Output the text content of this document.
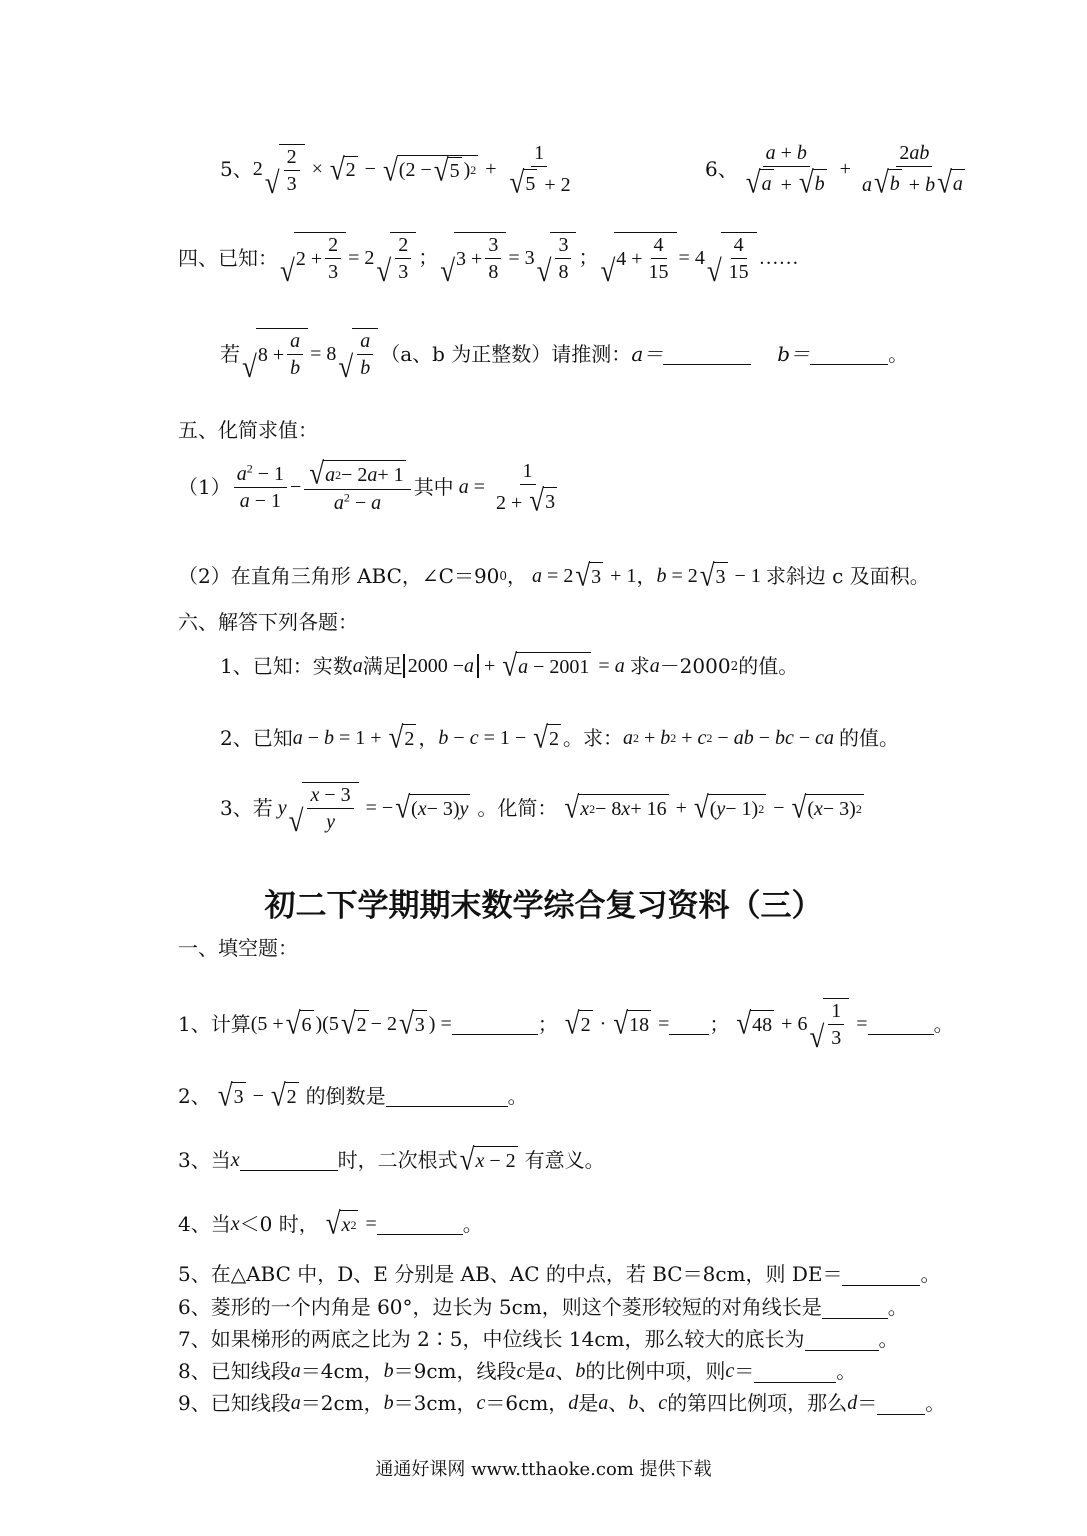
5、 2 √ $\frac{2}{3}$ × √ 2 − √ (2 − √ 5 ) $2 + \frac{1}{√ 5 + 2}$	6、 $\frac{a + b}{√ a + √ b} + \frac{2ab}{a √ b + b √ a}$
四、已知： √ $2 + \frac{2}{3} = 2$ √ $\frac{2}{3}$ ； √ $3 + \frac{3}{8} = 3$ √ $\frac{3}{8}$ ； √ $4 + \frac{4}{15} = 4$ √ $\frac{4}{15}$ ……
若 √ $8 + \frac{a}{b} = 8$ √ $\frac{a}{b} (a$、b 为正整数）请推测： a＝	b＝	。
五、化简求值：
$(1) \frac{a^2 - 1}{a - 1} - \frac{√ a 2 - 2 a + 1}{a^2 - a}$ 其中
$a = \frac{1}{2 + √ 3}$
（2）在直角三角形 ABC，∠C＝90 0 ，
a = 2 √ 3 + 1 ， b = 2 √ 3 − 1 求斜边 c 及面积。
六、解答下列各题：
1、已知：实数 a 满足 2000 − a + √ a − 2001 = a
求 a －2000 2 的值。
2、已知 a − b = 1 + √ 2 ， b − c = 1 − √ 2 。求： a 2 + b 2 + c 2 − ab − bc − ca
的值。
3、若
y √ $\frac{x - 3}{y}$ = − √ ( x − 3) y
。化简：
√ x 2 − 8 x + 16 + √ ( y − 1) 2 − √ ( x − 3) 2
初二下学期期末数学综合复习资料（三）
一、填空题：
1、计算 (5 + √ 6 )(5 √ 2 − 2 √ 3 ) =	；
√ 2 · √ 18 = ；
√ 48 + 6 √ $\frac{1}{3}$ =	。
2、
√ 3 − √ 2
的倒数是	。
3、当 x	时，二次根式 √ x − 2
有意义。
4、当 x ＜0 时，
√ x 2 =	。
5、在△ABC 中，D、E 分别是 AB、AC 的中点，若 BC＝8cm，则 DE＝	。
6、菱形的一个内角是 60°，边长为 5cm，则这个菱形较短的对角线长是	。
7、如果梯形的两底之比为 2∶5，中位线长 14cm，那么较大的底长为	。
8、已知线段 a ＝4cm， b ＝9cm，线段 c 是 a 、 b 的比例中项，则 c ＝	。
9、已知线段 a ＝2cm， b ＝3cm， c ＝6cm， d 是 a 、 b 、 c 的第四比例项，那么 d ＝ 。
通通好课网 www.tthaoke.com 提供下载
